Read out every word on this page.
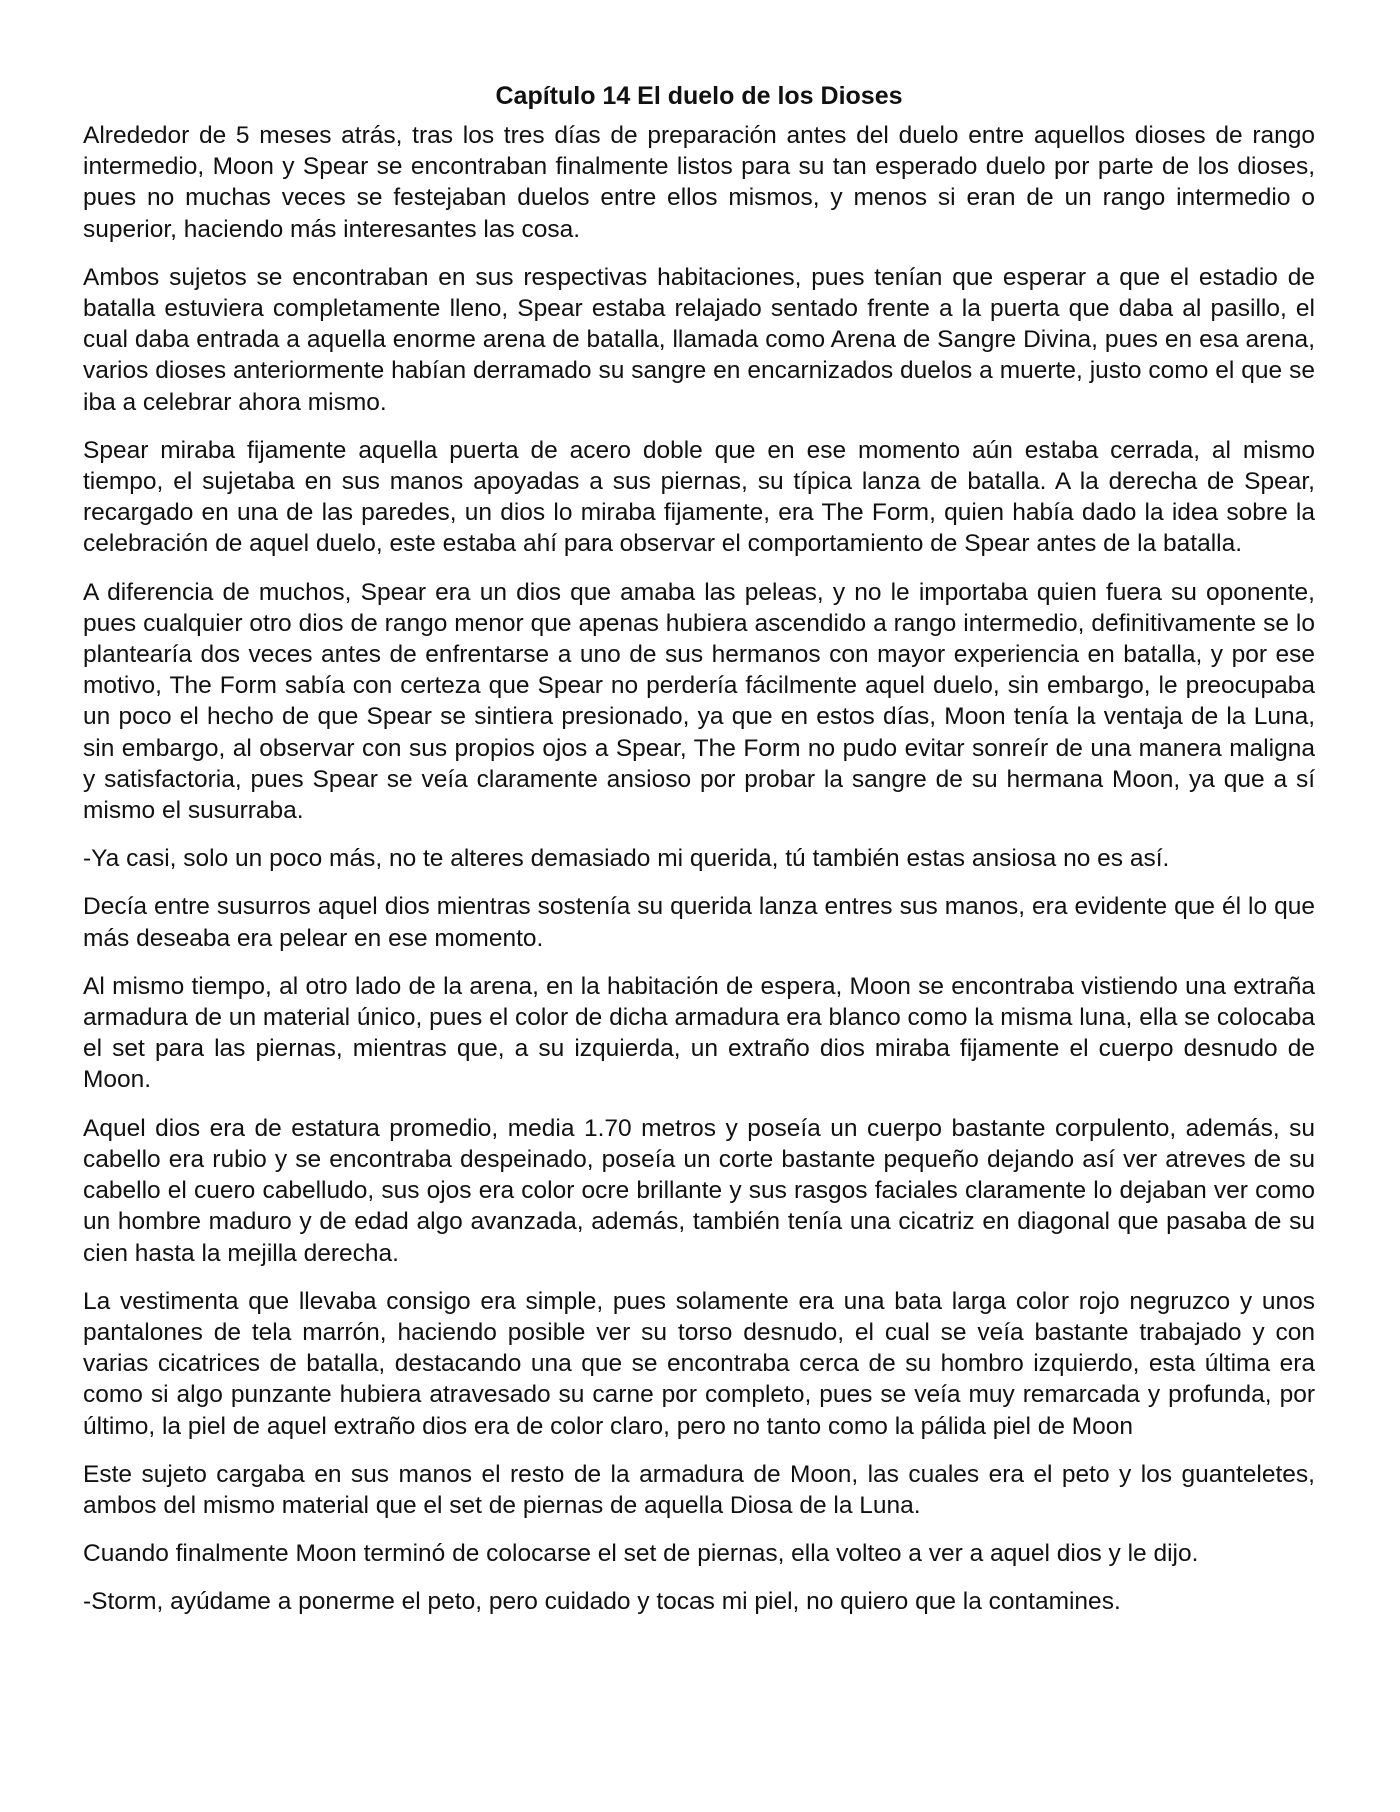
Capítulo 14 El duelo de los Dioses

Alrededor de 5 meses atrás, tras los tres días de preparación antes del duelo entre aquellos dioses de rango intermedio, Moon y Spear se encontraban finalmente listos para su tan esperado duelo por parte de los dioses, pues no muchas veces se festejaban duelos entre ellos mismos, y menos si eran de un rango intermedio o superior, haciendo más interesantes las cosa.

Ambos sujetos se encontraban en sus respectivas habitaciones, pues tenían que esperar a que el estadio de batalla estuviera completamente lleno, Spear estaba relajado sentado frente a la puerta que daba al pasillo, el cual daba entrada a aquella enorme arena de batalla, llamada como Arena de Sangre Divina, pues en esa arena, varios dioses anteriormente habían derramado su sangre en encarnizados duelos a muerte, justo como el que se iba a celebrar ahora mismo.

Spear miraba fijamente aquella puerta de acero doble que en ese momento aún estaba cerrada, al mismo tiempo, el sujetaba en sus manos apoyadas a sus piernas, su típica lanza de batalla. A la derecha de Spear, recargado en una de las paredes, un dios lo miraba fijamente, era The Form, quien había dado la idea sobre la celebración de aquel duelo, este estaba ahí para observar el comportamiento de Spear antes de la batalla.

A diferencia de muchos, Spear era un dios que amaba las peleas, y no le importaba quien fuera su oponente, pues cualquier otro dios de rango menor que apenas hubiera ascendido a rango intermedio, definitivamente se lo plantearía dos veces antes de enfrentarse a uno de sus hermanos con mayor experiencia en batalla, y por ese motivo, The Form sabía con certeza que Spear no perdería fácilmente aquel duelo, sin embargo, le preocupaba un poco el hecho de que Spear se sintiera presionado, ya que en estos días, Moon tenía la ventaja de la Luna, sin embargo, al observar con sus propios ojos a Spear, The Form no pudo evitar sonreír de una manera maligna y satisfactoria, pues Spear se veía claramente ansioso por probar la sangre de su hermana Moon, ya que a sí mismo el susurraba.

-Ya casi, solo un poco más, no te alteres demasiado mi querida, tú también estas ansiosa no es así.

Decía entre susurros aquel dios mientras sostenía su querida lanza entres sus manos, era evidente que él lo que más deseaba era pelear en ese momento.

Al mismo tiempo, al otro lado de la arena, en la habitación de espera, Moon se encontraba vistiendo una extraña armadura de un material único, pues el color de dicha armadura era blanco como la misma luna, ella se colocaba el set para las piernas, mientras que, a su izquierda, un extraño dios miraba fijamente el cuerpo desnudo de Moon.

Aquel dios era de estatura promedio, media 1.70 metros y poseía un cuerpo bastante corpulento, además, su cabello era rubio y se encontraba despeinado, poseía un corte bastante pequeño dejando así ver atreves de su cabello el cuero cabelludo, sus ojos era color ocre brillante y sus rasgos faciales claramente lo dejaban ver como un hombre maduro y de edad algo avanzada, además, también tenía una cicatriz en diagonal que pasaba de su cien hasta la mejilla derecha.

La vestimenta que llevaba consigo era simple, pues solamente era una bata larga color rojo negruzco y unos pantalones de tela marrón, haciendo posible ver su torso desnudo, el cual se veía bastante trabajado y con varias cicatrices de batalla, destacando una que se encontraba cerca de su hombro izquierdo, esta última era como si algo punzante hubiera atravesado su carne por completo, pues se veía muy remarcada y profunda, por último, la piel de aquel extraño dios era de color claro, pero no tanto como la pálida piel de Moon

Este sujeto cargaba en sus manos el resto de la armadura de Moon, las cuales era el peto y los guanteletes, ambos del mismo material que el set de piernas de aquella Diosa de la Luna.

Cuando finalmente Moon terminó de colocarse el set de piernas, ella volteo a ver a aquel dios y le dijo.

-Storm, ayúdame a ponerme el peto, pero cuidado y tocas mi piel, no quiero que la contamines.
